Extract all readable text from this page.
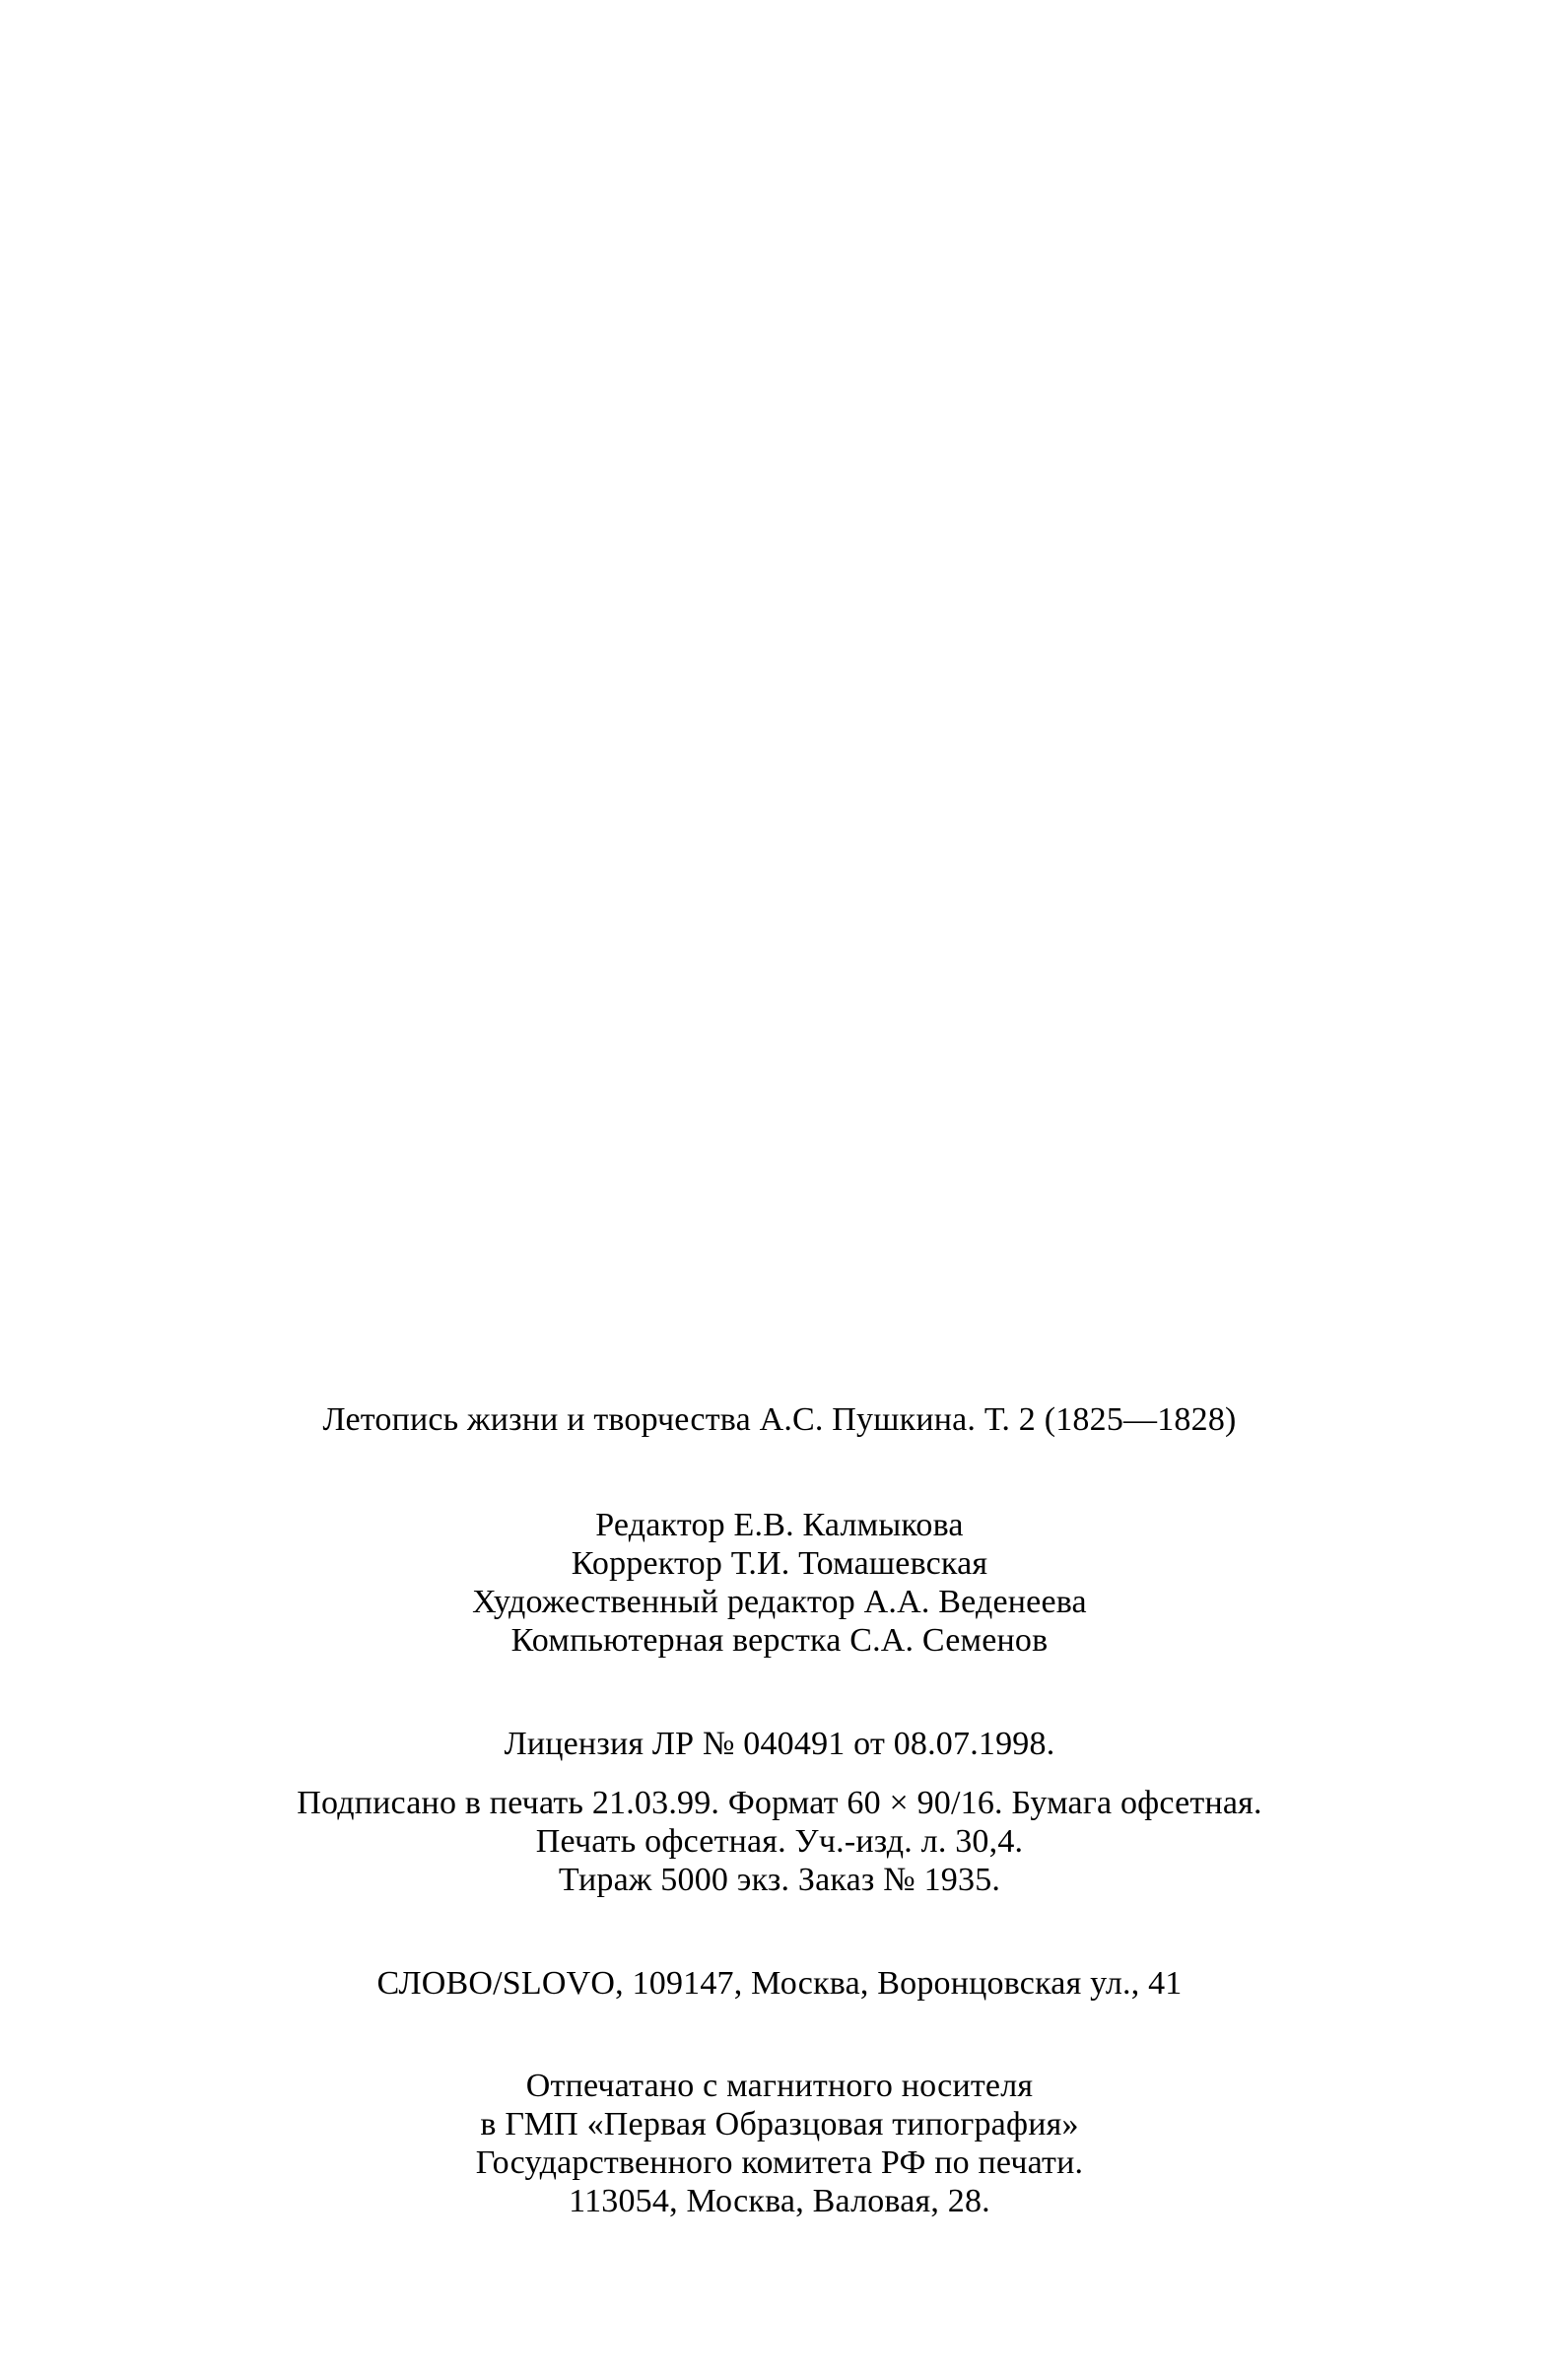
Летопись жизни и творчества А.С. Пушкина. Т. 2 (1825—1828)
Редактор Е.В. Калмыкова
Корректор Т.И. Томашевская
Художественный редактор А.А. Веденеева
Компьютерная верстка С.А. Семенов
Лицензия ЛР № 040491 от 08.07.1998.
Подписано в печать 21.03.99. Формат 60 × 90/16. Бумага офсетная.
Печать офсетная. Уч.-изд. л. 30,4.
Тираж 5000 экз. Заказ № 1935.
СЛОВО/SLOVO, 109147, Москва, Воронцовская ул., 41
Отпечатано с магнитного носителя
в ГМП «Первая Образцовая типография»
Государственного комитета РФ по печати.
113054, Москва, Валовая, 28.
